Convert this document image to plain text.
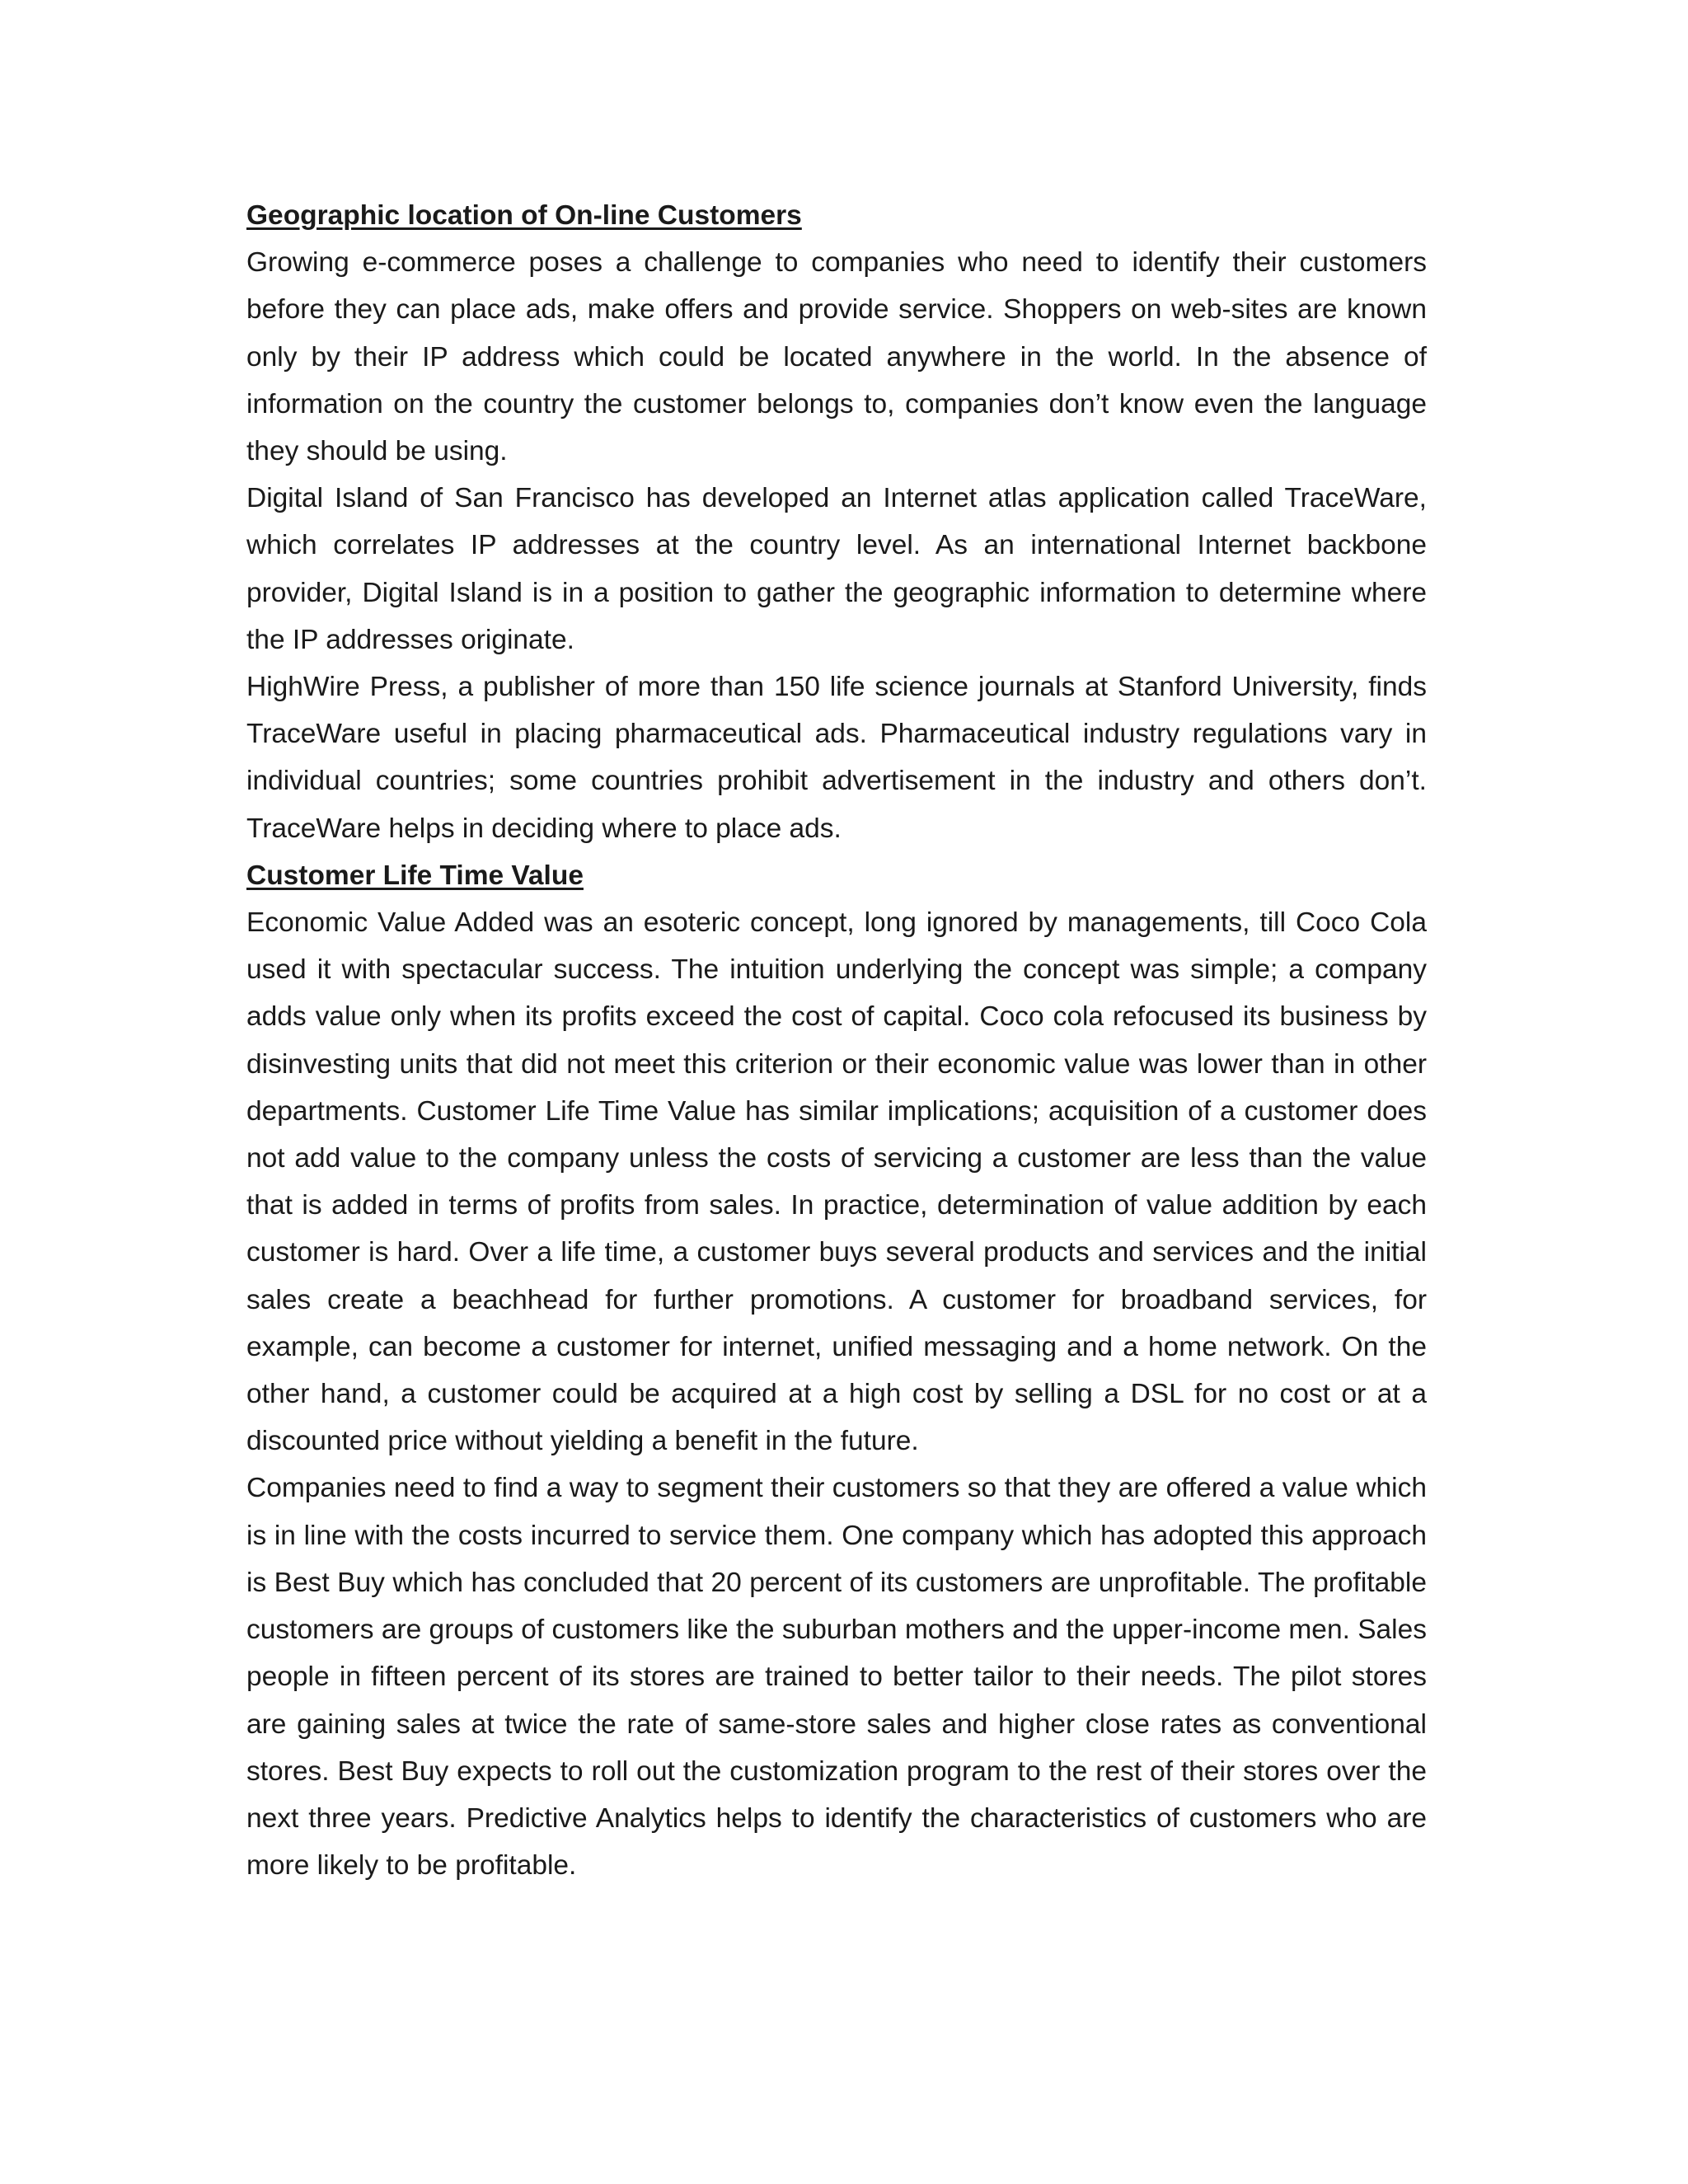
Geographic location of On-line Customers

Growing e-commerce poses a challenge to companies who need to identify their customers before they can place ads, make offers and provide service. Shoppers on web-sites are known only by their IP address which could be located anywhere in the world. In the absence of information on the country the customer belongs to, companies don’t know even the language they should be using.

Digital Island of San Francisco has developed an Internet atlas application called TraceWare, which correlates IP addresses at the country level. As an international Internet backbone provider, Digital Island is in a position to gather the geographic information to determine where the IP addresses originate.

HighWire Press, a publisher of more than 150 life science journals at Stanford University, finds TraceWare useful in placing pharmaceutical ads. Pharmaceutical industry regulations vary in individual countries; some countries prohibit advertisement in the industry and others don’t. TraceWare helps in deciding where to place ads.

Customer Life Time Value

Economic Value Added was an esoteric concept, long ignored by managements, till Coco Cola used it with spectacular success. The intuition underlying the concept was simple; a company adds value only when its profits exceed the cost of capital. Coco cola refocused its business by disinvesting units that did not meet this criterion or their economic value was lower than in other departments. Customer Life Time Value has similar implications; acquisition of a customer does not add value to the company unless the costs of servicing a customer are less than the value that is added in terms of profits from sales. In practice, determination of value addition by each customer is hard. Over a life time, a customer buys several products and services and the initial sales create a beachhead for further promotions. A customer for broadband services, for example, can become a customer for internet, unified messaging and a home network. On the other hand, a customer could be acquired at a high cost by selling a DSL for no cost or at a discounted price without yielding a benefit in the future.

Companies need to find a way to segment their customers so that they are offered a value which is in line with the costs incurred to service them. One company which has adopted this approach is Best Buy which has concluded that 20 percent of its customers are unprofitable. The profitable customers are groups of customers like the suburban mothers and the upper-income men. Sales people in fifteen percent of its stores are trained to better tailor to their needs. The pilot stores are gaining sales at twice the rate of same-store sales and higher close rates as conventional stores. Best Buy expects to roll out the customization program to the rest of their stores over the next three years. Predictive Analytics helps to identify the characteristics of customers who are more likely to be profitable.
